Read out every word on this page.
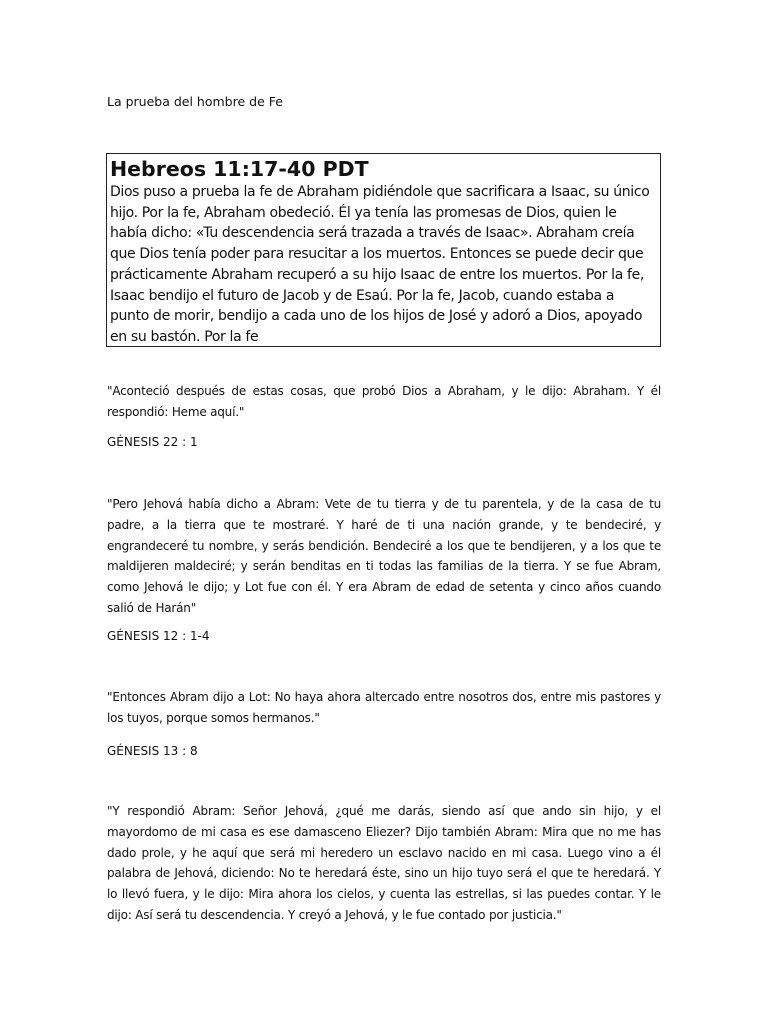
La prueba del hombre de Fe
Hebreos 11:17-40 PDT

Dios puso a prueba la fe de Abraham pidiéndole que sacrificara a Isaac, su único hijo. Por la fe, Abraham obedeció. Él ya tenía las promesas de Dios, quien le había dicho: «Tu descendencia será trazada a través de Isaac». Abraham creía que Dios tenía poder para resucitar a los muertos. Entonces se puede decir que prácticamente Abraham recuperó a su hijo Isaac de entre los muertos. Por la fe, Isaac bendijo el futuro de Jacob y de Esaú. Por la fe, Jacob, cuando estaba a punto de morir, bendijo a cada uno de los hijos de José y adoró a Dios, apoyado en su bastón. Por la fe

"Aconteció después de estas cosas, que probó Dios a Abraham, y le dijo: Abraham. Y él respondió: Heme aquí."

GÉNESIS 22 : 1

"Pero Jehová había dicho a Abram: Vete de tu tierra y de tu parentela, y de la casa de tu padre, a la tierra que te mostraré. Y haré de ti una nación grande, y te bendeciré, y engrandeceré tu nombre, y serás bendición. Bendeciré a los que te bendijeren, y a los que te maldijeren maldeciré; y serán benditas en ti todas las familias de la tierra. Y se fue Abram, como Jehová le dijo; y Lot fue con él. Y era Abram de edad de setenta y cinco años cuando salió de Harán"

GÉNESIS 12 : 1-4

"Entonces Abram dijo a Lot: No haya ahora altercado entre nosotros dos, entre mis pastores y los tuyos, porque somos hermanos."

GÉNESIS 13 : 8

"Y respondió Abram: Señor Jehová, ¿qué me darás, siendo así que ando sin hijo, y el mayordomo de mi casa es ese damasceno Eliezer? Dijo también Abram: Mira que no me has dado prole, y he aquí que será mi heredero un esclavo nacido en mi casa. Luego vino a él palabra de Jehová, diciendo: No te heredará éste, sino un hijo tuyo será el que te heredará. Y lo llevó fuera, y le dijo: Mira ahora los cielos, y cuenta las estrellas, si las puedes contar. Y le dijo: Así será tu descendencia. Y creyó a Jehová, y le fue contado por justicia."
